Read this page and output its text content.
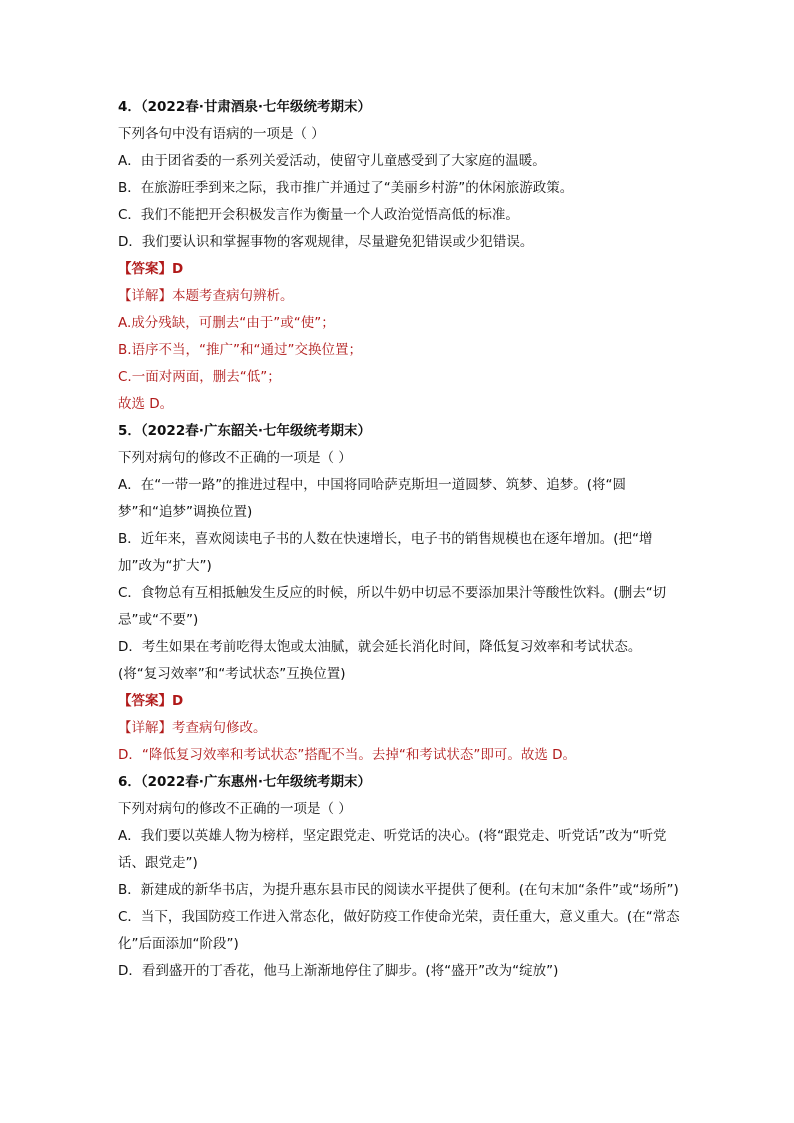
4．（2022春·甘肃酒泉·七年级统考期末）
下列各句中没有语病的一项是（ ）
A．由于团省委的一系列关爱活动，使留守儿童感受到了大家庭的温暖。
B．在旅游旺季到来之际，我市推广并通过了“美丽乡村游”的休闲旅游政策。
C．我们不能把开会积极发言作为衡量一个人政治觉悟高低的标准。
D．我们要认识和掌握事物的客观规律，尽量避免犯错误或少犯错误。
【答案】D
【详解】本题考查病句辨析。
A.成分残缺，可删去“由于”或“使”；
B.语序不当，“推广”和“通过”交换位置；
C.一面对两面，删去“低”；
故选 D。
5．（2022春·广东韶关·七年级统考期末）
下列对病句的修改不正确的一项是（ ）
A．在“一带一路”的推进过程中，中国将同哈萨克斯坦一道圆梦、筑梦、追梦。(将“圆梦”和“追梦”调换位置)
B．近年来，喜欢阅读电子书的人数在快速增长，电子书的销售规模也在逐年增加。(把“增加”改为“扩大”)
C．食物总有互相抵触发生反应的时候，所以牛奶中切忌不要添加果汁等酸性饮料。(删去“切忌”或“不要”)
D．考生如果在考前吃得太饱或太油腻，就会延长消化时间，降低复习效率和考试状态。(将“复习效率”和“考试状态”互换位置)
【答案】D
【详解】考查病句修改。
D．“降低复习效率和考试状态”搭配不当。去掉“和考试状态”即可。故选 D。
6．（2022春·广东惠州·七年级统考期末）
下列对病句的修改不正确的一项是（ ）
A．我们要以英雄人物为榜样，坚定跟党走、听党话的决心。(将“跟党走、听党话”改为“听党话、跟党走”)
B．新建成的新华书店，为提升惠东县市民的阅读水平提供了便利。(在句末加“条件”或“场所”)
C．当下，我国防疫工作进入常态化，做好防疫工作使命光荣，责任重大，意义重大。(在“常态化”后面添加“阶段”)
D．看到盛开的丁香花，他马上渐渐地停住了脚步。(将“盛开”改为“绽放”)
